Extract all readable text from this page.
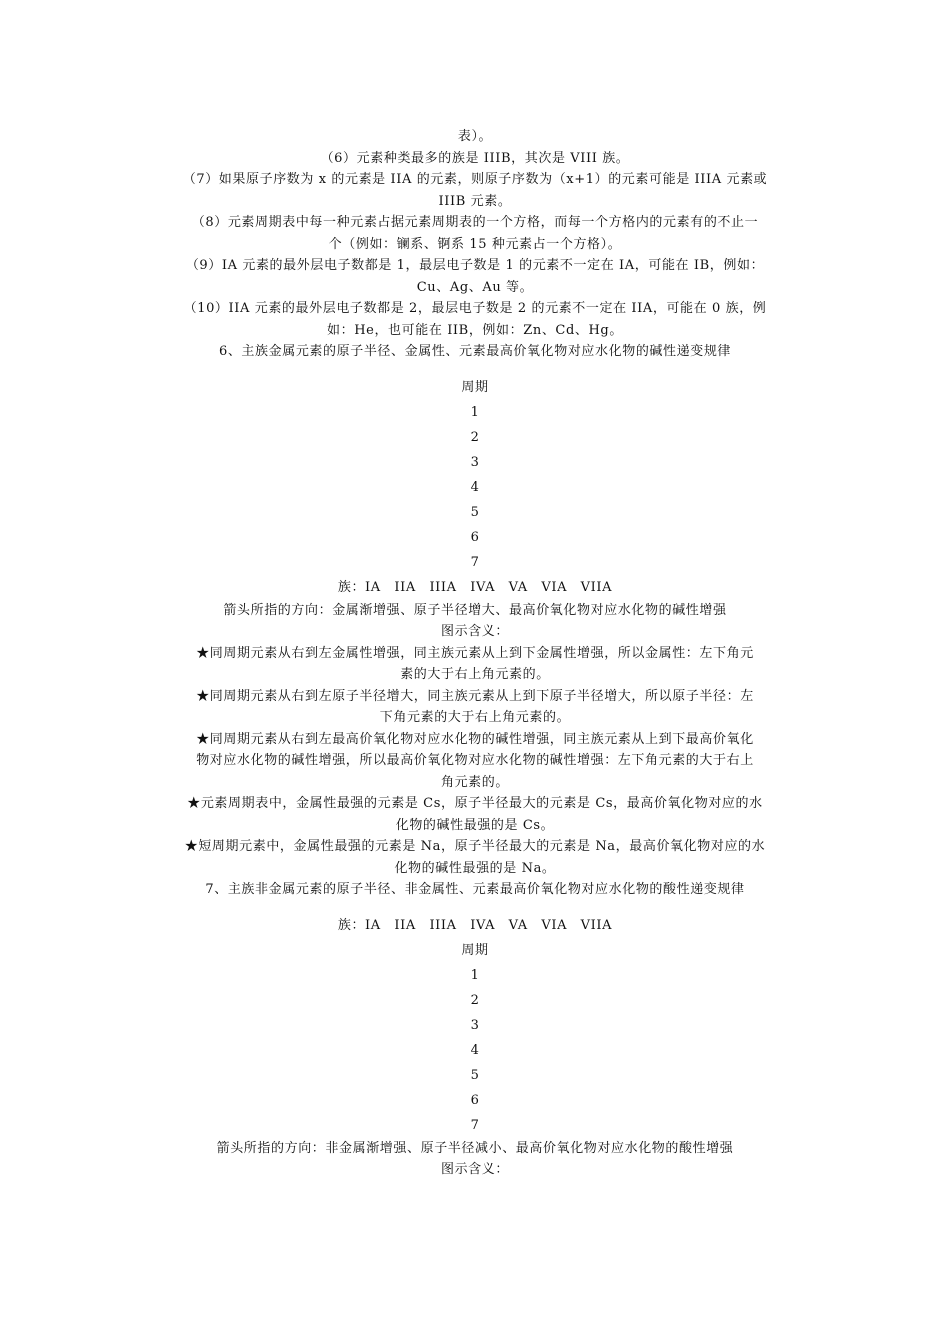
表）。

（6）元素种类最多的族是 IIIB，其次是 VIII 族。

（7）如果原子序数为 x 的元素是 IIA 的元素，则原子序数为（x+1）的元素可能是 IIIA 元素或

IIIB 元素。

（8）元素周期表中每一种元素占据元素周期表的一个方格，而每一个方格内的元素有的不止一

个（例如：镧系、锕系 15 种元素占一个方格）。

（9）IA 元素的最外层电子数都是 1，最层电子数是 1 的元素不一定在 IA，可能在 IB，例如：

Cu、Ag、Au 等。

（10）IIA 元素的最外层电子数都是 2，最层电子数是 2 的元素不一定在 IIA，可能在 0 族，例

如：He，也可能在 IIB，例如：Zn、Cd、Hg。

6、主族金属元素的原子半径、金属性、元素最高价氧化物对应水化物的碱性递变规律

周期

1

2

3

4

5

6

7

族：IA　IIA　IIIA　IVA　VA　VIA　VIIA

箭头所指的方向：金属渐增强、原子半径增大、最高价氧化物对应水化物的碱性增强

图示含义：

★同周期元素从右到左金属性增强，同主族元素从上到下金属性增强，所以金属性：左下角元

素的大于右上角元素的。

★同周期元素从右到左原子半径增大，同主族元素从上到下原子半径增大，所以原子半径：左

下角元素的大于右上角元素的。

★同周期元素从右到左最高价氧化物对应水化物的碱性增强，同主族元素从上到下最高价氧化

物对应水化物的碱性增强，所以最高价氧化物对应水化物的碱性增强：左下角元素的大于右上

角元素的。

★元素周期表中，金属性最强的元素是 Cs，原子半径最大的元素是 Cs，最高价氧化物对应的水

化物的碱性最强的是 Cs。

★短周期元素中，金属性最强的元素是 Na，原子半径最大的元素是 Na，最高价氧化物对应的水

化物的碱性最强的是 Na。

7、主族非金属元素的原子半径、非金属性、元素最高价氧化物对应水化物的酸性递变规律

族：IA　IIA　IIIA　IVA　VA　VIA　VIIA

周期

1

2

3

4

5

6

7

箭头所指的方向：非金属渐增强、原子半径减小、最高价氧化物对应水化物的酸性增强

图示含义：
